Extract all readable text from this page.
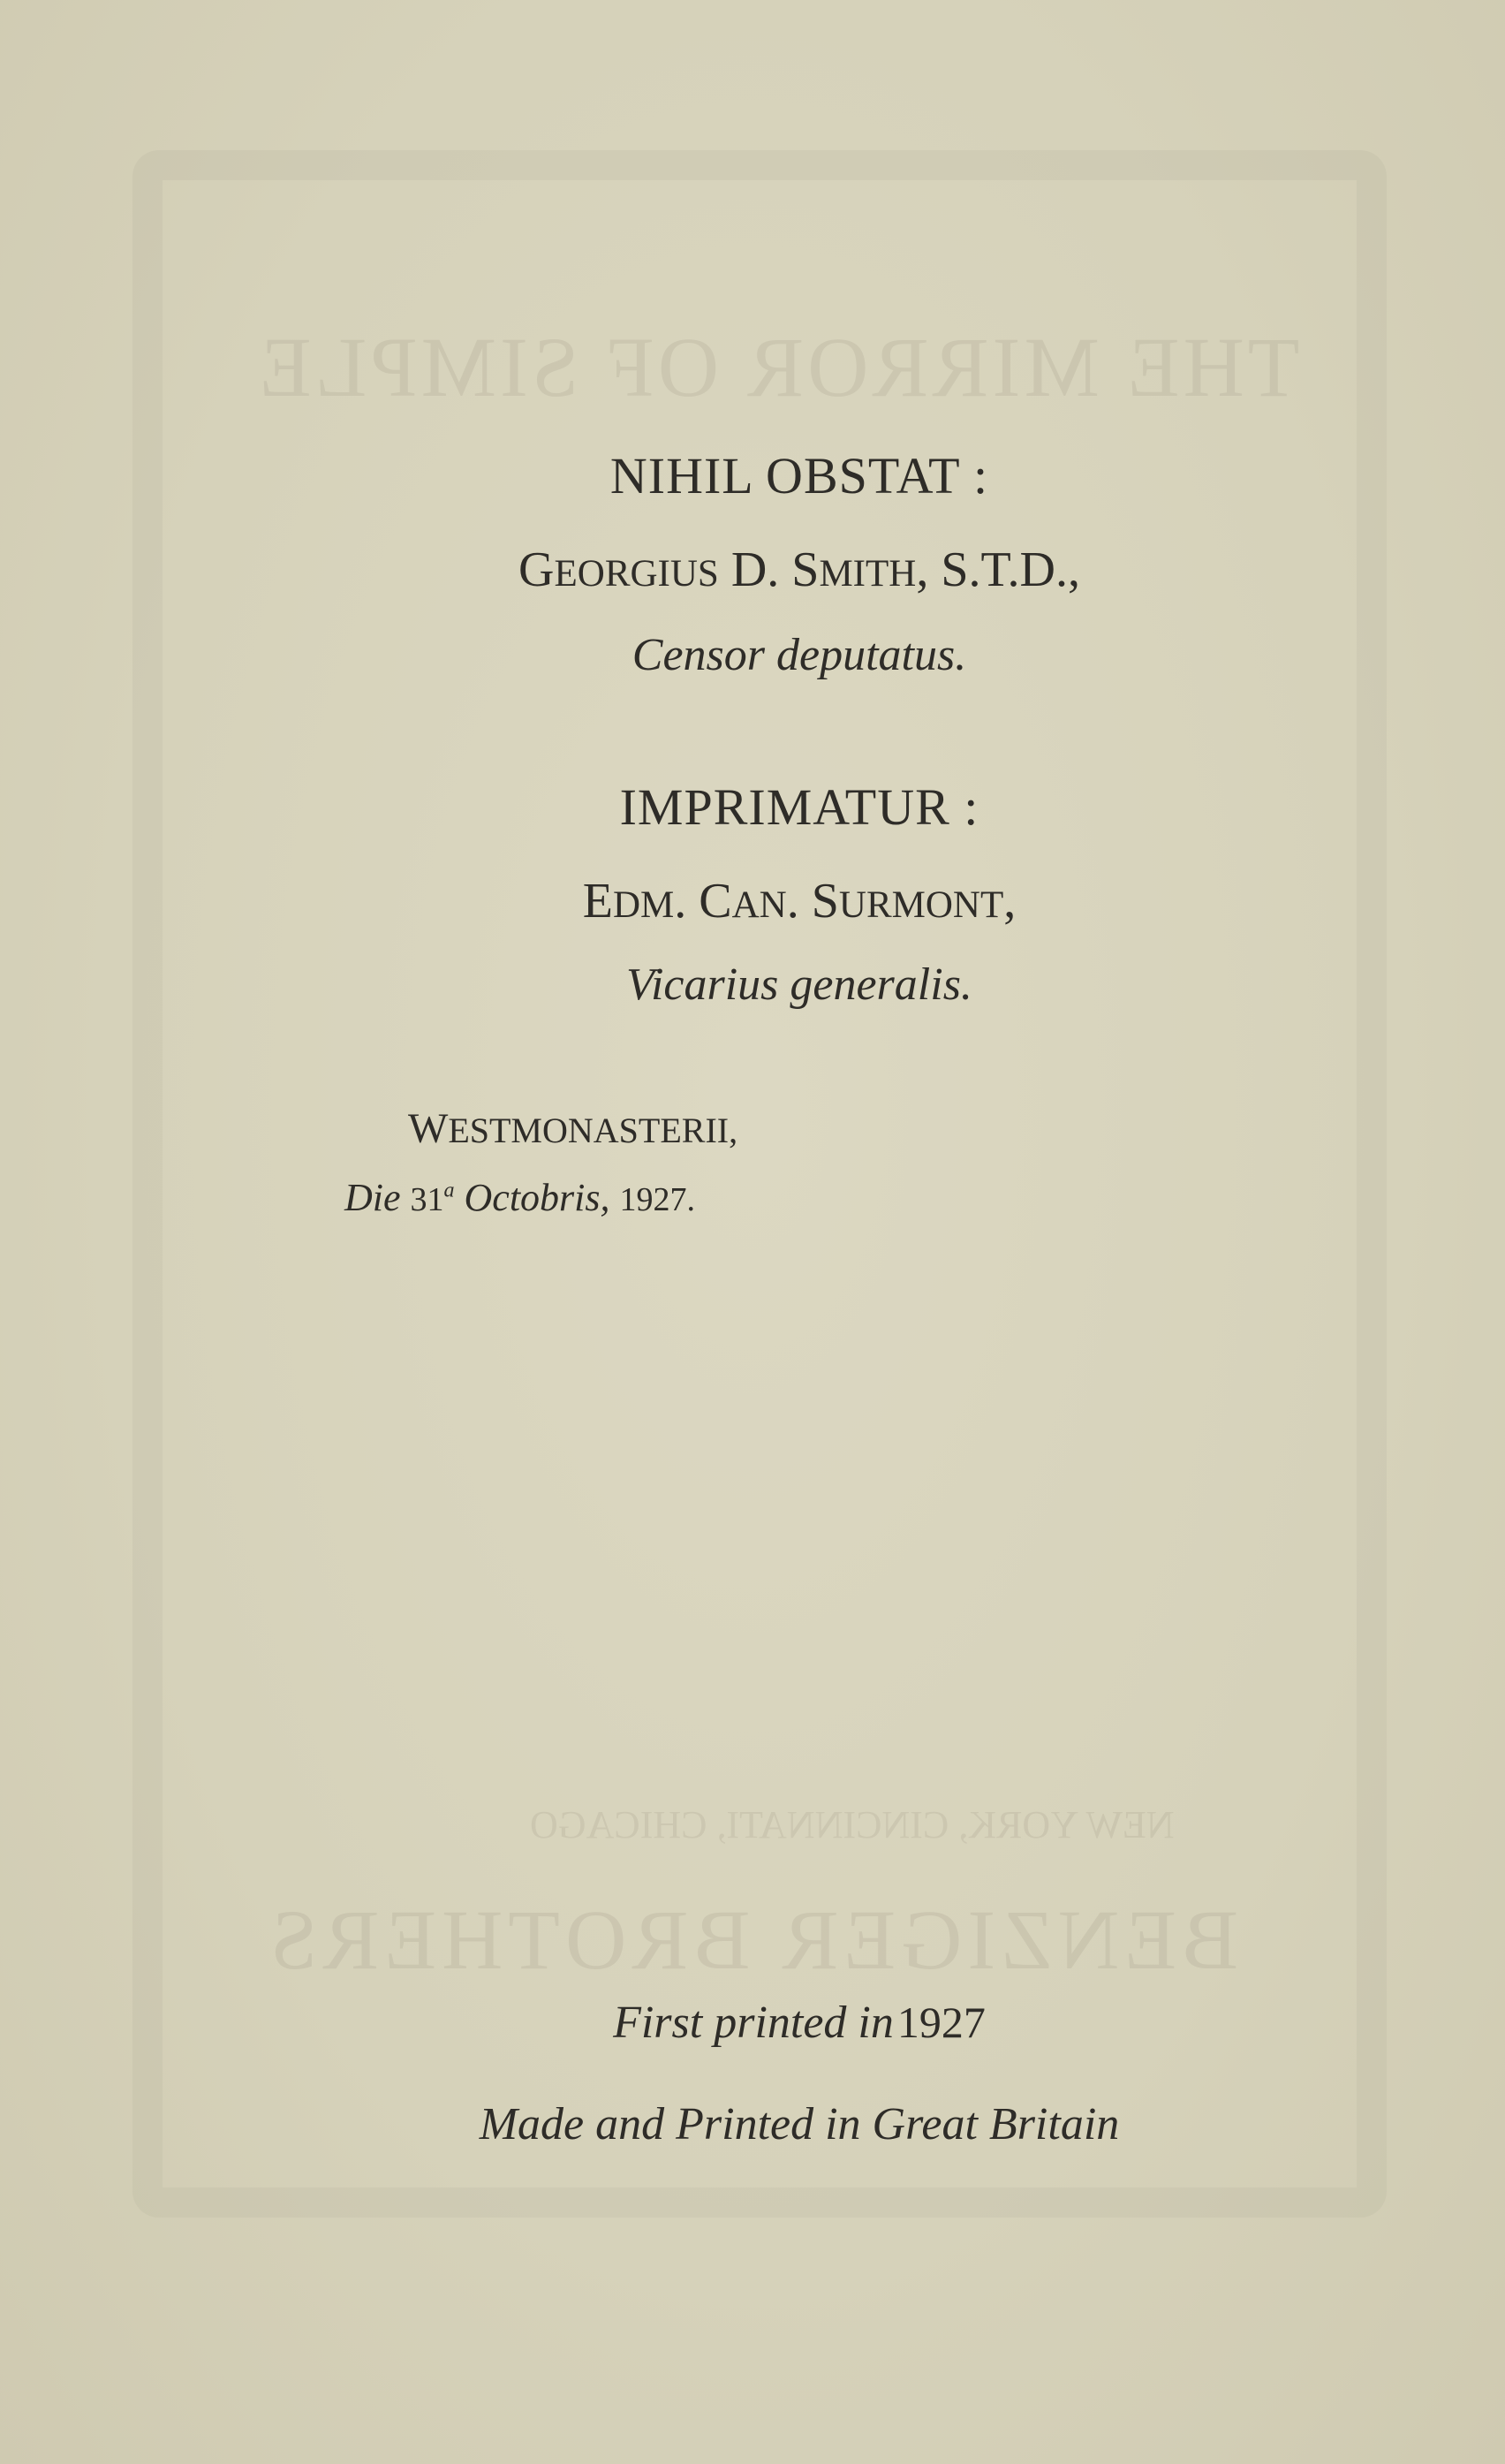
THE MIRROR OF SIMPLE
NEW YORK, CINCINNATI, CHICAGO
BENZIGER BROTHERS
NIHIL OBSTAT :
GEORGIUS D. SMITH, S.T.D.,
Censor deputatus.
IMPRIMATUR :
EDM. CAN. SURMONT,
Vicarius generalis.
WESTMONASTERII,
Die 31$^a$ Octobris, 1927.
First printed in 1927
Made and Printed in Great Britain
